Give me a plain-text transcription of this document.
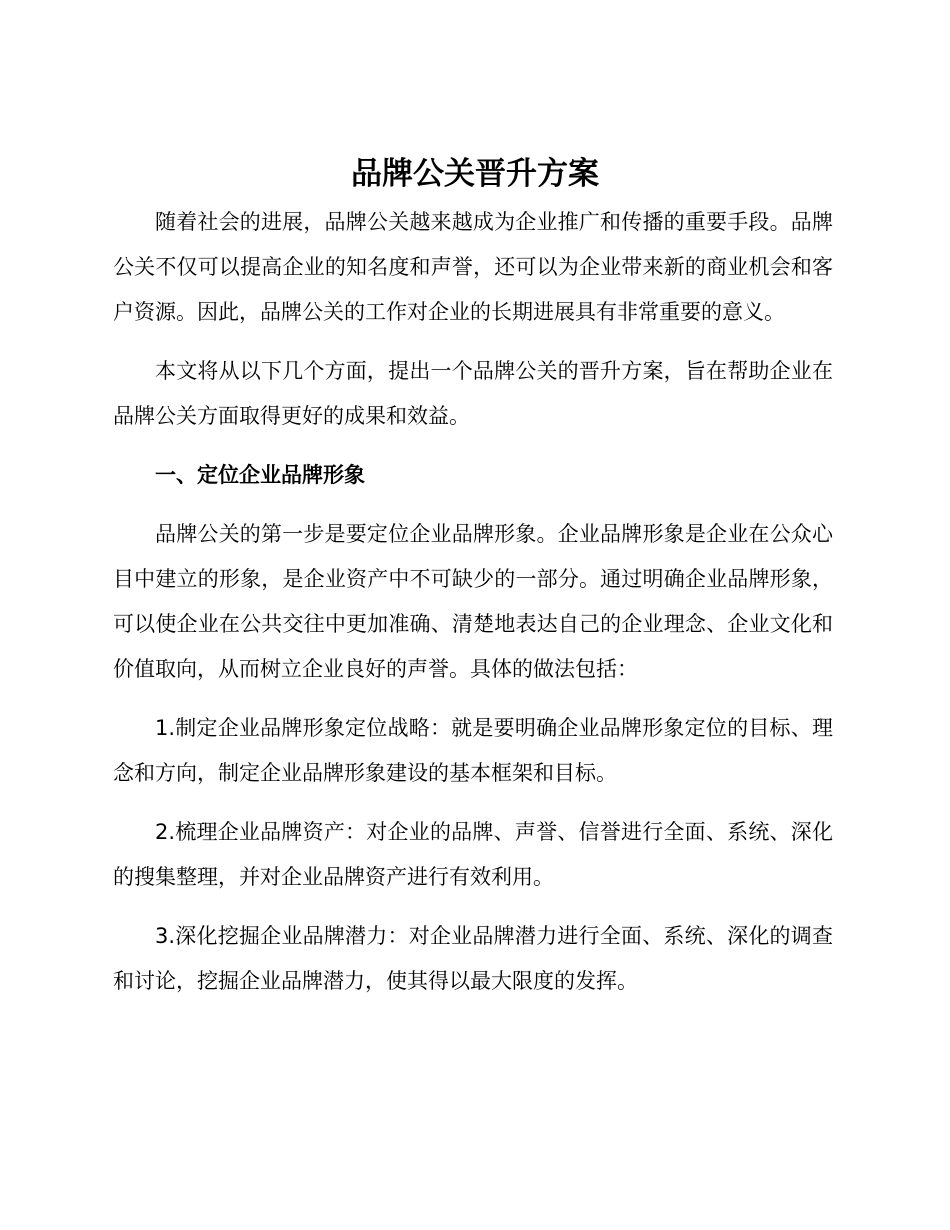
品牌公关晋升方案

随着社会的进展，品牌公关越来越成为企业推广和传播的重要手段。品牌公关不仅可以提高企业的知名度和声誉，还可以为企业带来新的商业机会和客户资源。因此，品牌公关的工作对企业的长期进展具有非常重要的意义。

本文将从以下几个方面，提出一个品牌公关的晋升方案，旨在帮助企业在品牌公关方面取得更好的成果和效益。

一、定位企业品牌形象

品牌公关的第一步是要定位企业品牌形象。企业品牌形象是企业在公众心目中建立的形象，是企业资产中不可缺少的一部分。通过明确企业品牌形象，可以使企业在公共交往中更加准确、清楚地表达自己的企业理念、企业文化和价值取向，从而树立企业良好的声誉。具体的做法包括：

1.制定企业品牌形象定位战略：就是要明确企业品牌形象定位的目标、理念和方向，制定企业品牌形象建设的基本框架和目标。

2.梳理企业品牌资产：对企业的品牌、声誉、信誉进行全面、系统、深化的搜集整理，并对企业品牌资产进行有效利用。

3.深化挖掘企业品牌潜力：对企业品牌潜力进行全面、系统、深化的调查和讨论，挖掘企业品牌潜力，使其得以最大限度的发挥。
